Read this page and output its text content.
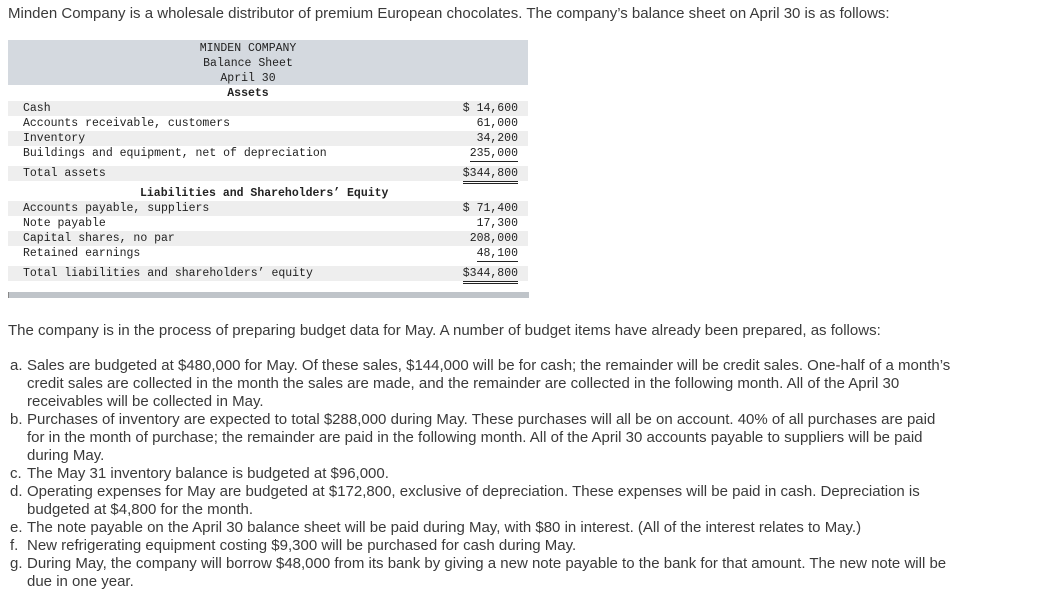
Minden Company is a wholesale distributor of premium European chocolates. The company’s balance sheet on April 30 is as follows:
MINDEN COMPANY
Balance Sheet
April 30
Assets
Cash	$ 14,600
Accounts receivable, customers	61,000
Inventory	34,200
Buildings and equipment, net of depreciation	235,000
Total assets	$344,800
Liabilities and Shareholders’ Equity
Accounts payable, suppliers	$ 71,400
Note payable	17,300
Capital shares, no par	208,000
Retained earnings	48,100
Total liabilities and shareholders’ equity	$344,800
The company is in the process of preparing budget data for May. A number of budget items have already been prepared, as follows:
a. Sales are budgeted at $480,000 for May. Of these sales, $144,000 will be for cash; the remainder will be credit sales. One-half of a month’s credit sales are collected in the month the sales are made, and the remainder are collected in the following month. All of the April 30 receivables will be collected in May.
b. Purchases of inventory are expected to total $288,000 during May. These purchases will all be on account. 40% of all purchases are paid for in the month of purchase; the remainder are paid in the following month. All of the April 30 accounts payable to suppliers will be paid during May.
c. The May 31 inventory balance is budgeted at $96,000.
d. Operating expenses for May are budgeted at $172,800, exclusive of depreciation. These expenses will be paid in cash. Depreciation is budgeted at $4,800 for the month.
e. The note payable on the April 30 balance sheet will be paid during May, with $80 in interest. (All of the interest relates to May.)
f. New refrigerating equipment costing $9,300 will be purchased for cash during May.
g. During May, the company will borrow $48,000 from its bank by giving a new note payable to the bank for that amount. The new note will be due in one year.
